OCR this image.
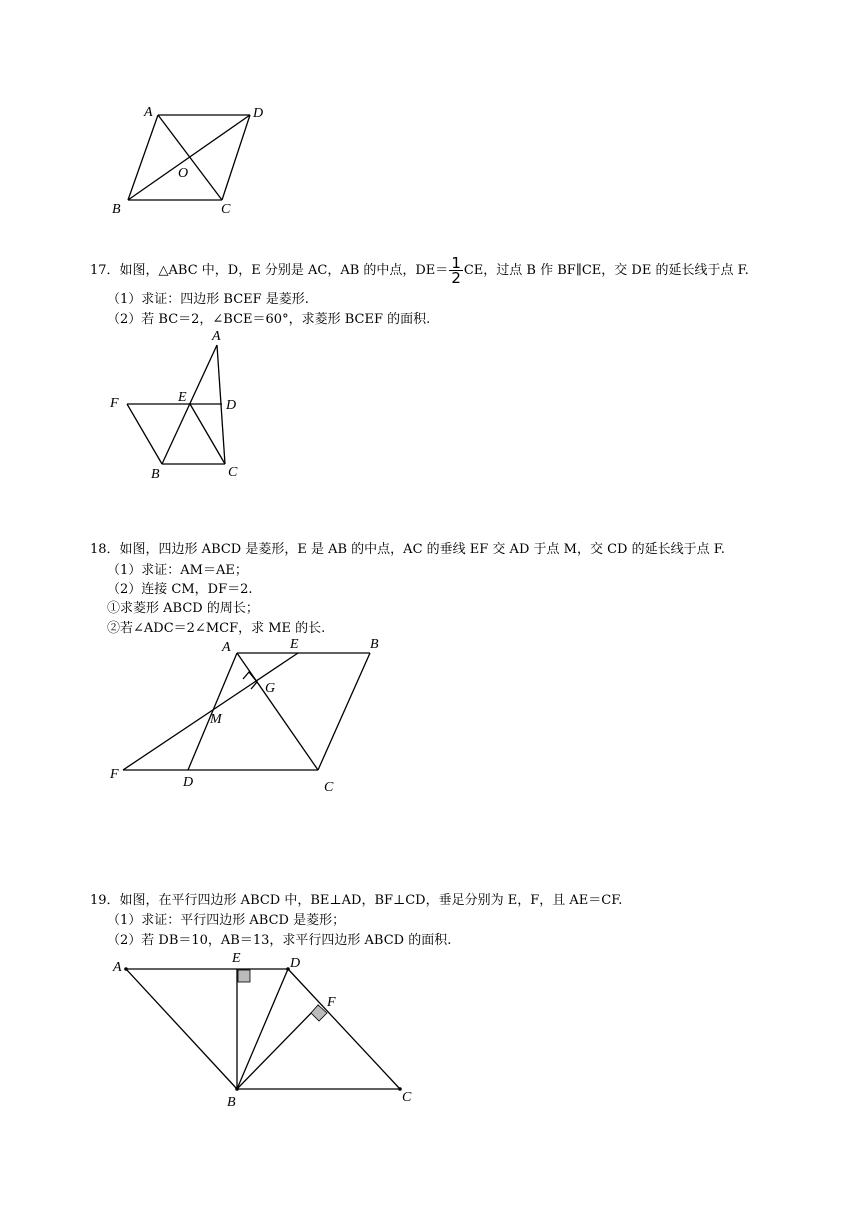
A	D
B	C
O
A
F	E
D
B	C
A	E	B
G
M
F
D	C
A
E	D
F
B	C
17．如图，△ABC 中，D，E 分别是 AC，AB 的中点，$DE= \frac{1}{2}$ CE，过点 B 作 BF∥CE，交 DE 的延长线于点 F.
（1）求证：四边形 BCEF 是菱形.
（2）若 BC＝2，∠BCE＝60°，求菱形 BCEF 的面积.
18．如图，四边形 ABCD 是菱形，E 是 AB 的中点，AC 的垂线 EF 交 AD 于点 M，交 CD 的延长线于点 F.
（1）求证：AM＝AE；
（2）连接 CM，DF＝2.
①求菱形 ABCD 的周长；
②若∠ADC＝2∠MCF，求 ME 的长.
19．如图，在平行四边形 ABCD 中，BE⊥AD，BF⊥CD，垂足分别为 E，F，且 AE＝CF.
（1）求证：平行四边形 ABCD 是菱形；
（2）若 DB＝10，AB＝13，求平行四边形 ABCD 的面积.
